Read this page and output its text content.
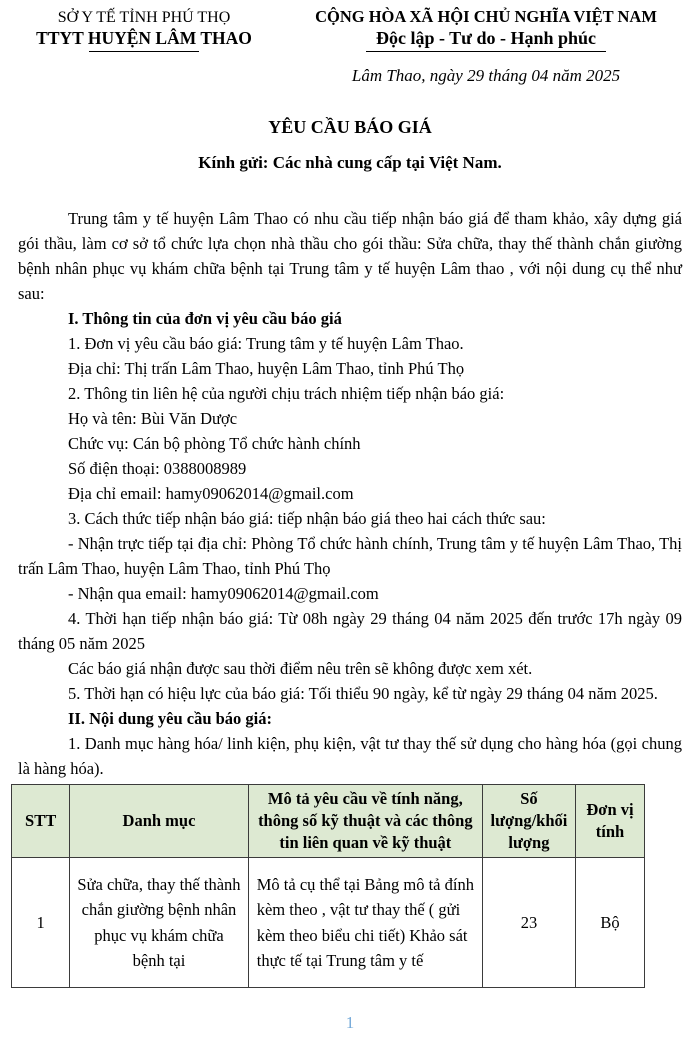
SỞ Y TẾ TỈNH PHÚ THỌ
TTYT HUYỆN LÂM THAO
CỘNG HÒA XÃ HỘI CHỦ NGHĨA VIỆT NAM
Độc lập - Tư do - Hạnh phúc
Lâm Thao, ngày 29 tháng 04 năm 2025
YÊU CẦU BÁO GIÁ
Kính gửi: Các nhà cung cấp tại Việt Nam.

Trung tâm y tế huyện Lâm Thao có nhu cầu tiếp nhận báo giá để tham khảo, xây dựng giá gói thầu, làm cơ sở tổ chức lựa chọn nhà thầu cho gói thầu: Sửa chữa, thay thế thành chắn giường bệnh nhân phục vụ khám chữa bệnh tại Trung tâm y tế huyện Lâm thao , với nội dung cụ thể như sau:

I. Thông tin của đơn vị yêu cầu báo giá

1. Đơn vị yêu cầu báo giá: Trung tâm y tế huyện Lâm Thao.

Địa chỉ: Thị trấn Lâm Thao, huyện Lâm Thao, tỉnh Phú Thọ

2. Thông tin liên hệ của người chịu trách nhiệm tiếp nhận báo giá:

Họ và tên: Bùi Văn Dược

Chức vụ: Cán bộ phòng Tổ chức hành chính

Số điện thoại: 0388008989

Địa chỉ email: hamy09062014@gmail.com

3. Cách thức tiếp nhận báo giá: tiếp nhận báo giá theo hai cách thức sau:

- Nhận trực tiếp tại địa chỉ: Phòng Tổ chức hành chính, Trung tâm y tế huyện Lâm Thao, Thị trấn Lâm Thao, huyện Lâm Thao, tỉnh Phú Thọ

- Nhận qua email: hamy09062014@gmail.com

4. Thời hạn tiếp nhận báo giá: Từ 08h ngày 29 tháng 04 năm 2025 đến trước 17h ngày 09 tháng 05 năm 2025

Các báo giá nhận được sau thời điểm nêu trên sẽ không được xem xét.

5. Thời hạn có hiệu lực của báo giá: Tối thiểu 90 ngày, kể từ ngày 29 tháng 04 năm 2025.

II. Nội dung yêu cầu báo giá:

1. Danh mục hàng hóa/ linh kiện, phụ kiện, vật tư thay thế sử dụng cho hàng hóa (gọi chung là hàng hóa).

STT	Danh mục	Mô tả yêu cầu về tính năng, thông số kỹ thuật và các thông tin liên quan về kỹ thuật	Số lượng/khối lượng	Đơn vị tính
1	Sửa chữa, thay thế thành chắn giường bệnh nhân phục vụ khám chữa bệnh tại	Mô tả cụ thể tại Bảng mô tả đính kèm theo , vật tư thay thế ( gửi kèm theo biểu chi tiết) Khảo sát thực tế tại Trung tâm y tế	23	Bộ
1
